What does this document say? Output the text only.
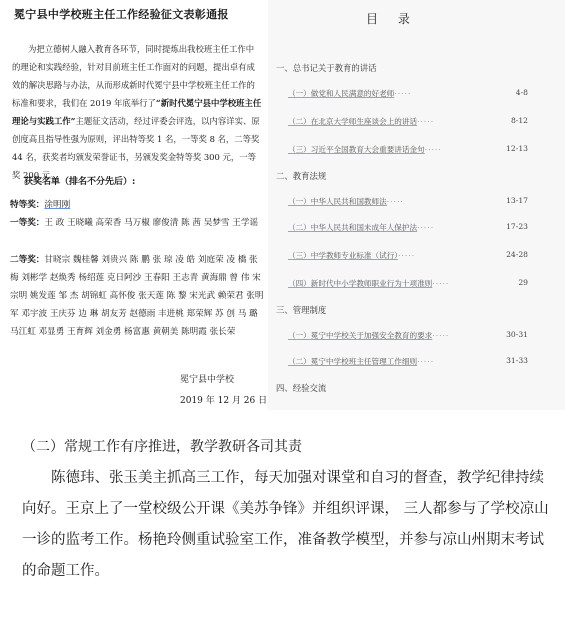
冕宁县中学校班主任工作经验征文表彰通报
为把立德树人融入教育各环节，同时提炼出我校班主任工作中的理论和实践经验，针对目前班主任工作面对的问题，提出卓有成效的解决思路与办法，从而形成新时代冕宁县中学校班主任工作的标准和要求，我们在 2019 年底举行了“新时代冕宁县中学校班主任理论与实践工作”主题征文活动，经过评委会评选，以内容详实、原创度高且指导性强为原则，评出特等奖 1 名，一等奖 8 名，二等奖 44 名，获奖者均颁发荣誉证书，另颁发奖金特等奖 300 元，一等奖 200 元。
获奖名单（排名不分先后）:
特等奖：涂明刚
一等奖：王 政 王晓曦 高荣香 马万椒 廖俊清 陈 茜 吴梦雪 王学谣
二等奖：甘晓宗 魏桂馨 刘贵兴 陈 鹏 张 琼 凌 皓 刘庭荣 凌 橋 张 梅 刘彬学 赵焕秀 杨绍莲 克日阿沙 王春阳 王志青 黄海鼎 曾 伟 宋宗明 姚发莲 邹 杰 胡锦虹 高怀俊 张天莲 陈 黎 宋光武 赖荣君 张明军 邓宇波 王庆芬 边 琳 胡友芳 赵德雨 丰进桃 郑荣辉 苏 创 马 璐 马江虹 邓显勇 王育辉 刘金勇 杨富惠 黄朝美 陈明霞 张长荣
冕宁县中学校
2019 年 12 月 26 日
目 录
一、总书记关于教育的讲话
（一）做党和人民满意的好老师·····	4-8
（二）在北京大学师生座谈会上的讲话·····	8-12
（三）习近平全国教育大会重要讲话金句·····	12-13
二、教育法规
（一）中华人民共和国教师法·····	13-17
（二）中华人民共和国未成年人保护法·····	17-23
（三）中学教师专业标准（试行）·····	24-28
（四）新时代中小学教师职业行为十项准则·····	29
三、管理制度
（一）冕宁中学校关于加强安全教育的要求·····	30-31
（二）冕宁中学校班主任管理工作细则·····	31-33
四、经验交流
（二）常规工作有序推进，教学教研各司其责
陈德玮、张玉美主抓高三工作，每天加强对课堂和自习的督查，教学纪律持续向好。王京上了一堂校级公开课《美苏争锋》并组织评课， 三人都参与了学校凉山一诊的监考工作。杨艳玲侧重试验室工作，准备教学模型，并参与凉山州期末考试的命题工作。
